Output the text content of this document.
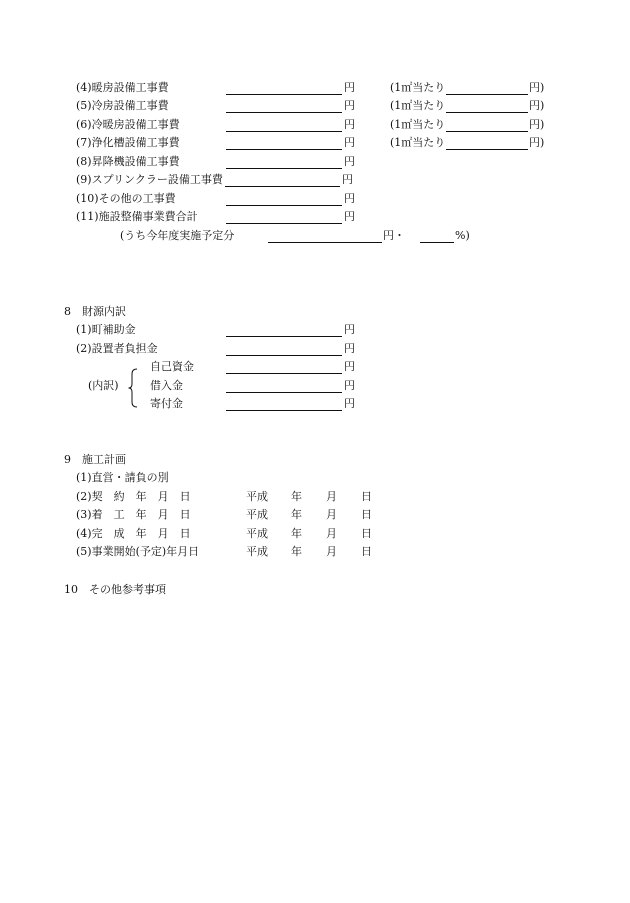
(4)暖房設備工事費	円	(1㎡当たり	円)
(5)冷房設備工事費	円	(1㎡当たり	円)
(6)冷暖房設備工事費	円	(1㎡当たり	円)
(7)浄化槽設備工事費	円	(1㎡当たり	円)
(8)昇降機設備工事費	円
(9)スプリンクラー設備工事費	円
(10)その他の工事費	円
(11)施設整備事業費合計	円
(うち今年度実施予定分	円・	%)
8　財源内訳
(1)町補助金	円
(2)設置者負担金	円
(内訳)
自己資金	円
借入金	円
寄付金	円
9　施工計画
(1)直営・請負の別
(2)契　約　年　月　日	平成 年 月 日
(3)着　工　年　月　日	平成 年 月 日
(4)完　成　年　月　日	平成 年 月 日
(5)事業開始(予定)年月日	平成 年 月 日
10　その他参考事項
